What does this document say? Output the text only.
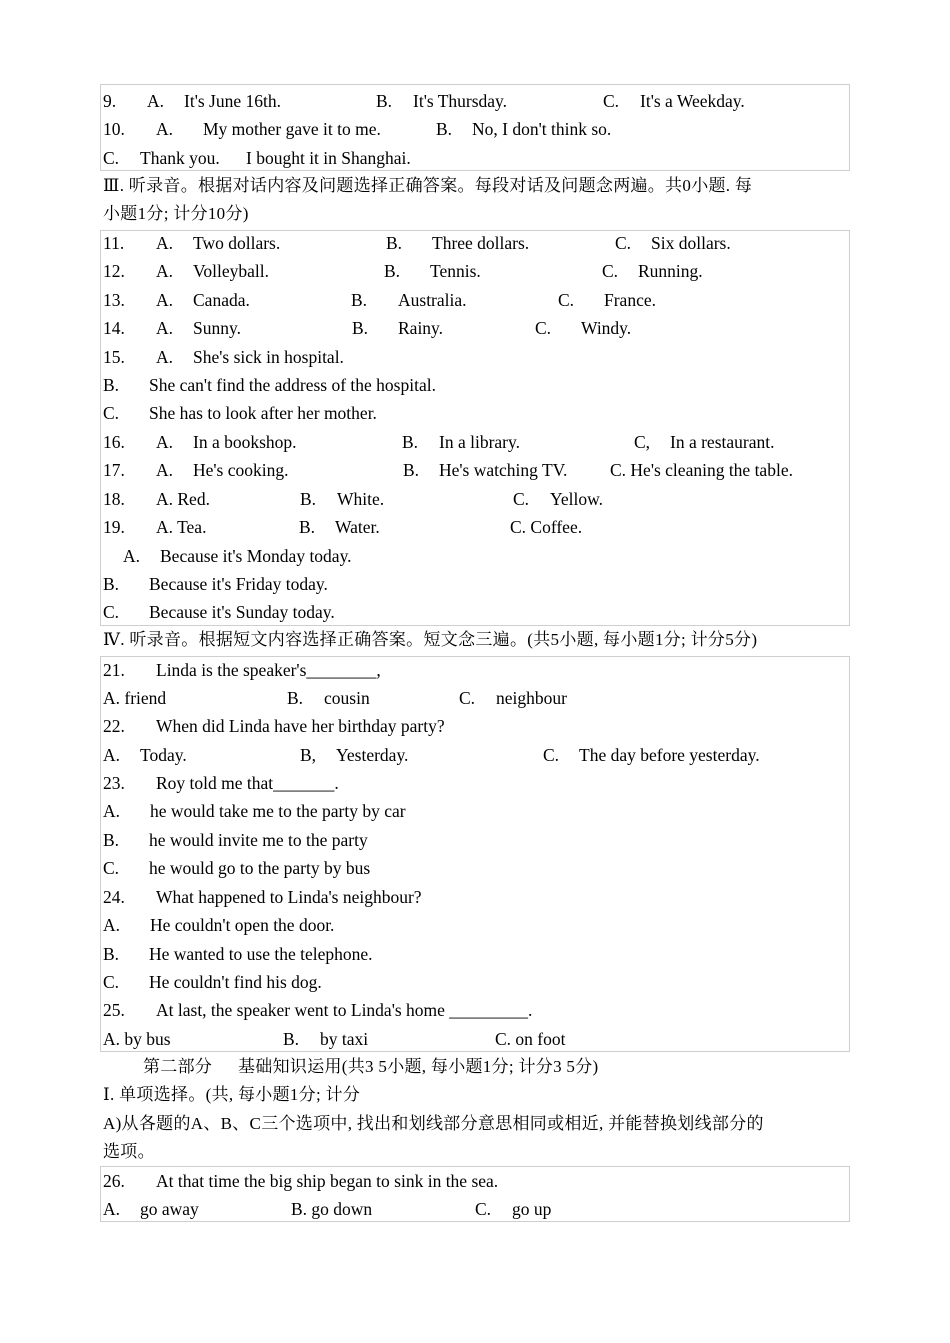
9. A. It's June 16th.	B. It's Thursday.	C. It's a Weekday.
10. A. My mother gave it to me.	B. No, I don't think so.
C. Thank you. I bought it in Shanghai.
Ⅲ. 听录音。根据对话内容及问题选择正确答案。每段对话及问题念两遍。共0小题. 每
小题1分; 计分10分)
11. A. Two dollars.	B. Three dollars.	C. Six dollars.
12. A. Volleyball.	B. Tennis.	C. Running.
13. A. Canada.	B. Australia.	C. France.
14. A. Sunny.	B. Rainy.	C. Windy.
15. A. She's sick in hospital.
B. She can't find the address of the hospital.
C. She has to look after her mother.
16. A. In a bookshop.	B. In a library.	C, In a restaurant.
17. A. He's cooking.	B. He's watching TV. C. He's cleaning the table.
18. A. Red.	B. White.	C. Yellow.
19. A. Tea.	B. Water.	C. Coffee.
A. Because it's Monday today.
B. Because it's Friday today.
C. Because it's Sunday today.
Ⅳ. 听录音。根据短文内容选择正确答案。短文念三遍。(共5小题, 每小题1分; 计分5分)
21. Linda is the speaker's________,
A. friend	B. cousin	C. neighbour
22. When did Linda have her birthday party?
A. Today.	B, Yesterday.	C. The day before yesterday.
23. Roy told me that_______.
A. he would take me to the party by car
B. he would invite me to the party
C. he would go to the party by bus
24. What happened to Linda's neighbour?
A. He couldn't open the door.
B. He wanted to use the telephone.
C. He couldn't find his dog.
25. At last, the speaker went to Linda's home _________.
A. by bus	B. by taxi	C. on foot
第二部分 基础知识运用(共3 5小题, 每小题1分; 计分3 5分)
Ⅰ. 单项选择。(共, 每小题1分; 计分
A)从各题的A、B、C三个选项中, 找出和划线部分意思相同或相近, 并能替换划线部分的
选项。
26. At that time the big ship began to sink in the sea.
A. go away	B. go down	C. go up
